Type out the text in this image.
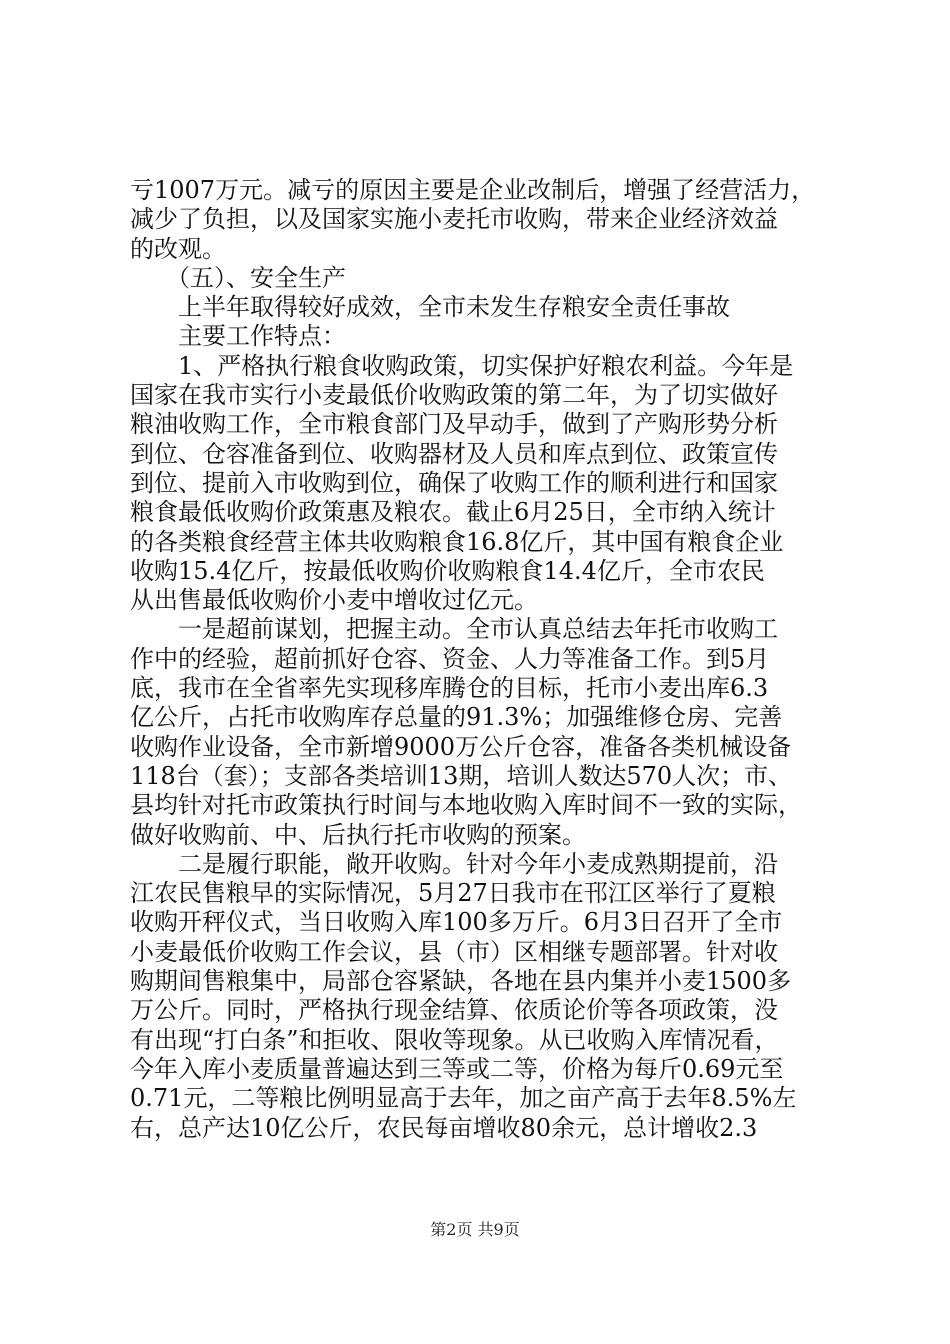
亏1007万元。减亏的原因主要是企业改制后，增强了经营活力，
减少了负担，以及国家实施小麦托市收购，带来企业经济效益
的改观。
　　（五）、安全生产
　　上半年取得较好成效，全市未发生存粮安全责任事故
　　主要工作特点：
　　1、严格执行粮食收购政策，切实保护好粮农利益。今年是
国家在我市实行小麦最低价收购政策的第二年，为了切实做好
粮油收购工作，全市粮食部门及早动手，做到了产购形势分析
到位、仓容准备到位、收购器材及人员和库点到位、政策宣传
到位、提前入市收购到位，确保了收购工作的顺利进行和国家
粮食最低收购价政策惠及粮农。截止6月25日，全市纳入统计
的各类粮食经营主体共收购粮食16.8亿斤，其中国有粮食企业
收购15.4亿斤，按最低收购价收购粮食14.4亿斤，全市农民
从出售最低收购价小麦中增收过亿元。
　　一是超前谋划，把握主动。全市认真总结去年托市收购工
作中的经验，超前抓好仓容、资金、人力等准备工作。到5月
底，我市在全省率先实现移库腾仓的目标，托市小麦出库6.3
亿公斤，占托市收购库存总量的91.3%；加强维修仓房、完善
收购作业设备，全市新增9000万公斤仓容，准备各类机械设备
118台（套）；支部各类培训13期，培训人数达570人次；市、
县均针对托市政策执行时间与本地收购入库时间不一致的实际，
做好收购前、中、后执行托市收购的预案。
　　二是履行职能，敞开收购。针对今年小麦成熟期提前，沿
江农民售粮早的实际情况，5月27日我市在邗江区举行了夏粮
收购开秤仪式，当日收购入库100多万斤。6月3日召开了全市
小麦最低价收购工作会议，县（市）区相继专题部署。针对收
购期间售粮集中，局部仓容紧缺，各地在县内集并小麦1500多
万公斤。同时，严格执行现金结算、依质论价等各项政策，没
有出现“打白条”和拒收、限收等现象。从已收购入库情况看，
今年入库小麦质量普遍达到三等或二等，价格为每斤0.69元至
0.71元，二等粮比例明显高于去年，加之亩产高于去年8.5%左
右，总产达10亿公斤，农民每亩增收80余元，总计增收2.3
第2页 共9页
